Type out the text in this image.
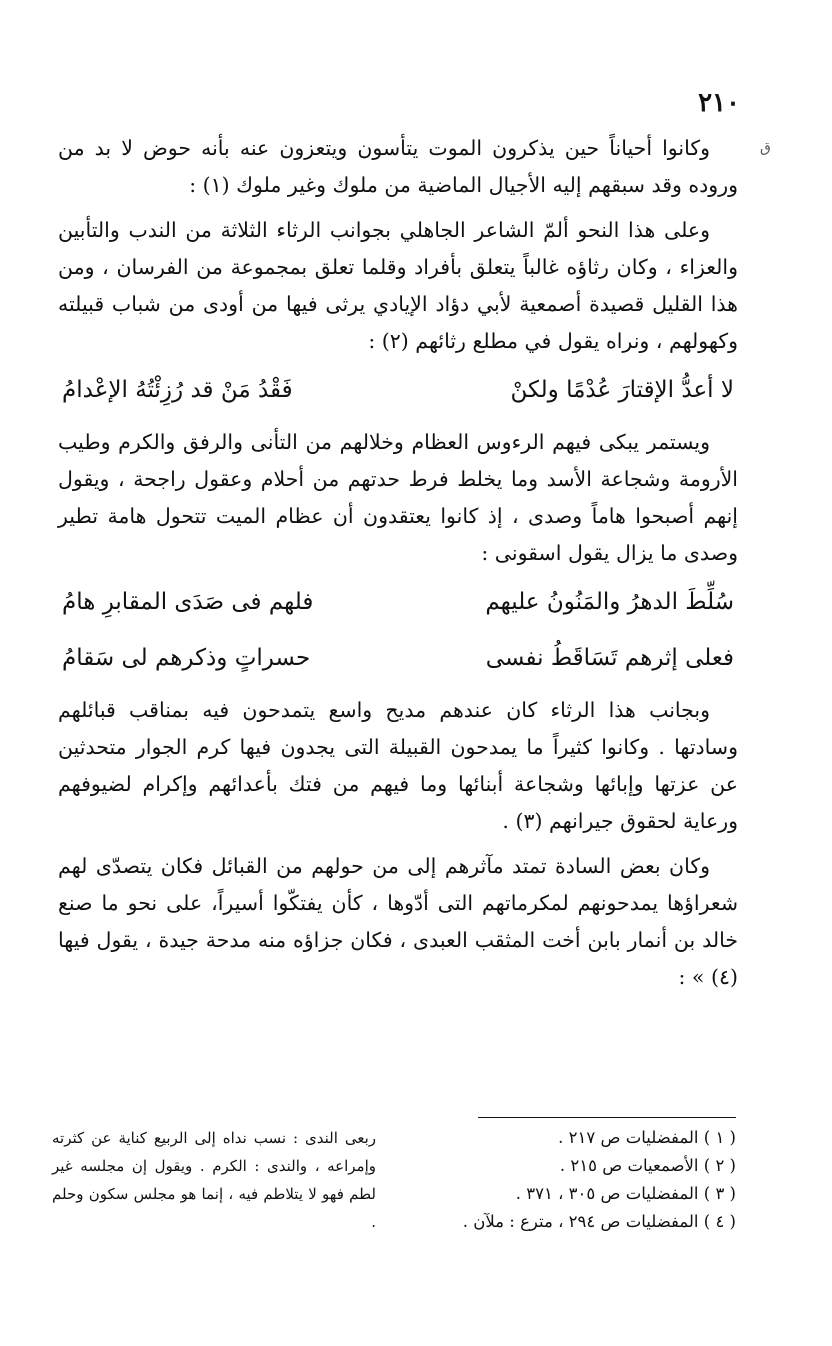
٢١٠
ق

وكانوا أحياناً حين يذكرون الموت يتأسون ويتعزون عنه بأنه حوض لا بد من وروده وقد سبقهم إليه الأجيال الماضية من ملوك وغير ملوك (١) :

وعلى هذا النحو ألمّ الشاعر الجاهلي بجوانب الرثاء الثلاثة من الندب والتأبين والعزاء ، وكان رثاؤه غالباً يتعلق بأفراد وقلما تعلق بمجموعة من الفرسان ، ومن هذا القليل قصيدة أصمعية لأبي دؤاد الإيادي يرثى فيها من أودى من شباب قبيلته وكهولهم ، ونراه يقول في مطلع رثائهم (٢) :

لا أعدُّ الإقتارَ عُدْمًا ولكنْ
فَقْدُ مَنْ قد رُزِئْتُهُ الإعْدامُ

ويستمر يبكى فيهم الرءوس العظام وخلالهم من التأنى والرفق والكرم وطيب الأرومة وشجاعة الأسد وما يخلط فرط حدتهم من أحلام وعقول راجحة ، ويقول إنهم أصبحوا هاماً وصدى ، إذ كانوا يعتقدون أن عظام الميت تتحول هامة تطير وصدى ما يزال يقول اسقونى :

سُلِّطَ الدهرُ والمَنُونُ عليهم
فلهم فى صَدَى المقابرِ هامُ
فعلى إثرهم تَسَاقَطُ نفسى
حسراتٍ وذكرهم لى سَقامُ

وبجانب هذا الرثاء كان عندهم مديح واسع يتمدحون فيه بمناقب قبائلهم وسادتها . وكانوا كثيراً ما يمدحون القبيلة التى يجدون فيها كرم الجوار متحدثين عن عزتها وإبائها وشجاعة أبنائها وما فيهم من فتك بأعدائهم وإكرام لضيوفهم ورعاية لحقوق جيرانهم (٣) .

وكان بعض السادة تمتد مآثرهم إلى من حولهم من القبائل فكان يتصدّى لهم شعراؤها يمدحونهم لمكرماتهم التى أدّوها ، كأن يفتكّوا أسيراً، على نحو ما صنع خالد بن أنمار بابن أخت المثقب العبدى ، فكان جزاؤه منه مدحة جيدة ، يقول فيها (٤) » :

( ١ ) المفضليات ص ٢١٧ .
( ٢ ) الأصمعيات ص ٢١٥ .
( ٣ ) المفضليات ص ٣٠٥ ، ٣٧١ .
( ٤ ) المفضليات ص ٢٩٤ ، مترع : ملآن .
ربعى الندى : نسب نداه إلى الربيع كناية عن كثرته وإمراعه ، والندى : الكرم . ويقول إن مجلسه غير لطم فهو لا يتلاطم فيه ، إنما هو مجلس سكون وحلم .
